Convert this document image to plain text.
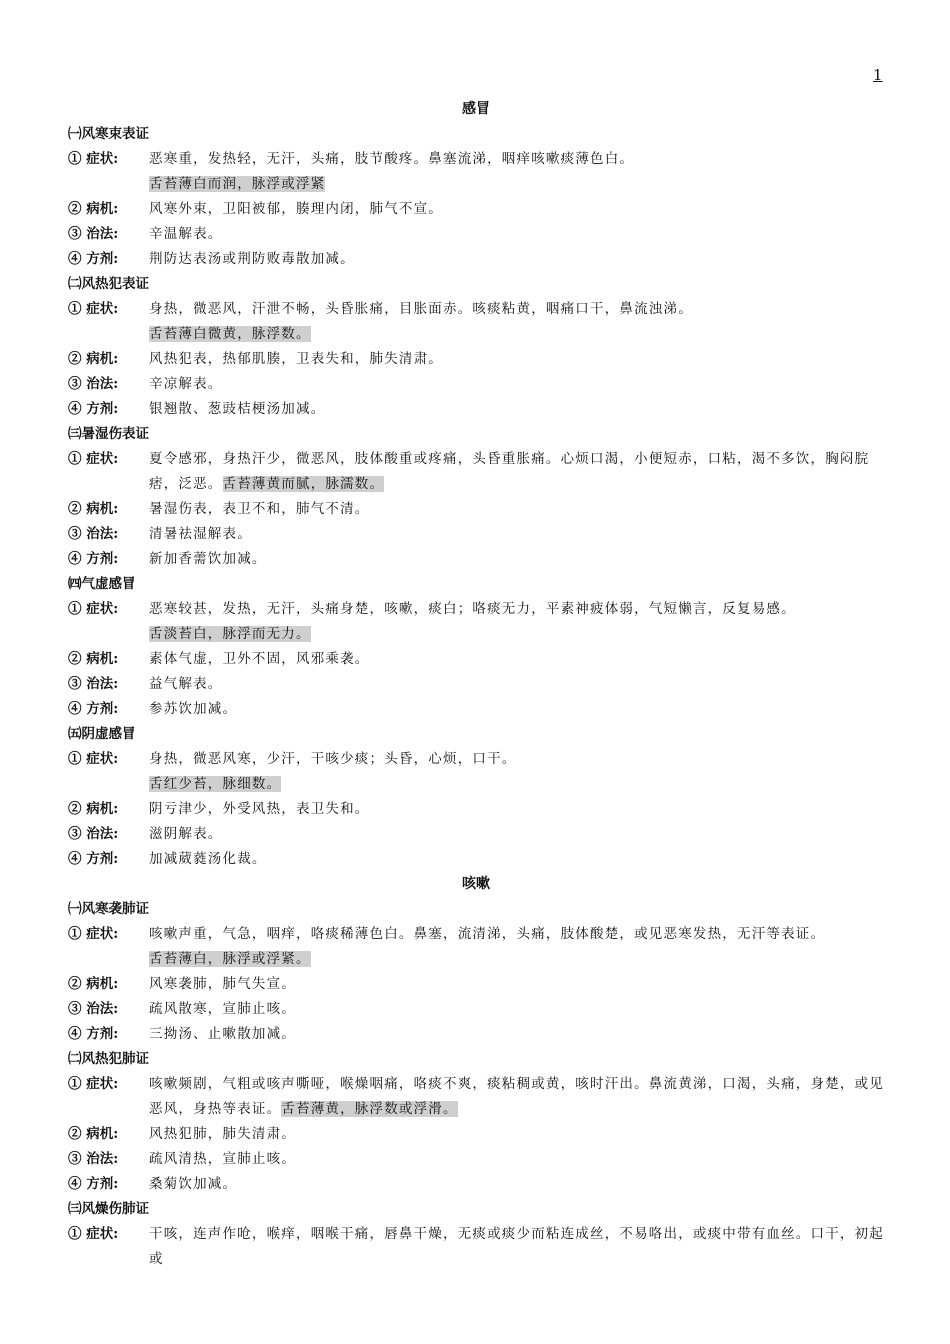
1
感冒
㈠风寒束表证
① 症状:	恶寒重，发热轻，无汗，头痛，肢节酸疼。鼻塞流涕，咽痒咳嗽痰薄色白。
舌苔薄白而润，脉浮或浮紧
② 病机:	风寒外束，卫阳被郁，腠理内闭，肺气不宣。
③ 治法:	辛温解表。
④ 方剂:	荆防达表汤或荆防败毒散加减。
㈡风热犯表证
① 症状:	身热，微恶风，汗泄不畅，头昏胀痛，目胀面赤。咳痰粘黄，咽痛口干，鼻流浊涕。
舌苔薄白微黄，脉浮数。
② 病机:	风热犯表，热郁肌腠，卫表失和，肺失清肃。
③ 治法:	辛凉解表。
④ 方剂:	银翘散、葱豉桔梗汤加减。
㈢暑湿伤表证
① 症状:	夏令感邪，身热汗少，微恶风，肢体酸重或疼痛，头昏重胀痛。心烦口渴，小便短赤，口粘，渴不多饮，胸闷脘痞，泛恶。舌苔薄黄而腻，脉濡数。
② 病机:	暑湿伤表，表卫不和，肺气不清。
③ 治法:	清暑祛湿解表。
④ 方剂:	新加香薷饮加减。
㈣气虚感冒
① 症状:	恶寒较甚，发热，无汗，头痛身楚，咳嗽，痰白；咯痰无力，平素神疲体弱，气短懒言，反复易感。
舌淡苔白，脉浮而无力。
② 病机:	素体气虚，卫外不固，风邪乘袭。
③ 治法:	益气解表。
④ 方剂:	参苏饮加减。
㈤阴虚感冒
① 症状:	身热，微恶风寒，少汗，干咳少痰；头昏，心烦，口干。
舌红少苔，脉细数。
② 病机:	阴亏津少，外受风热，表卫失和。
③ 治法:	滋阴解表。
④ 方剂:	加减葳蕤汤化裁。
咳嗽
㈠风寒袭肺证
① 症状:	咳嗽声重，气急，咽痒，咯痰稀薄色白。鼻塞，流清涕，头痛，肢体酸楚，或见恶寒发热，无汗等表证。
舌苔薄白，脉浮或浮紧。
② 病机:	风寒袭肺，肺气失宣。
③ 治法:	疏风散寒，宣肺止咳。
④ 方剂:	三拗汤、止嗽散加减。
㈡风热犯肺证
① 症状:	咳嗽频剧，气粗或咳声嘶哑，喉燥咽痛，咯痰不爽，痰粘稠或黄，咳时汗出。鼻流黄涕，口渴，头痛，身楚，或见恶风，身热等表证。舌苔薄黄，脉浮数或浮滑。
② 病机:	风热犯肺，肺失清肃。
③ 治法:	疏风清热，宣肺止咳。
④ 方剂:	桑菊饮加减。
㈢风燥伤肺证
① 症状:	干咳，连声作呛，喉痒，咽喉干痛，唇鼻干燥，无痰或痰少而粘连成丝，不易咯出，或痰中带有血丝。口干，初起或
